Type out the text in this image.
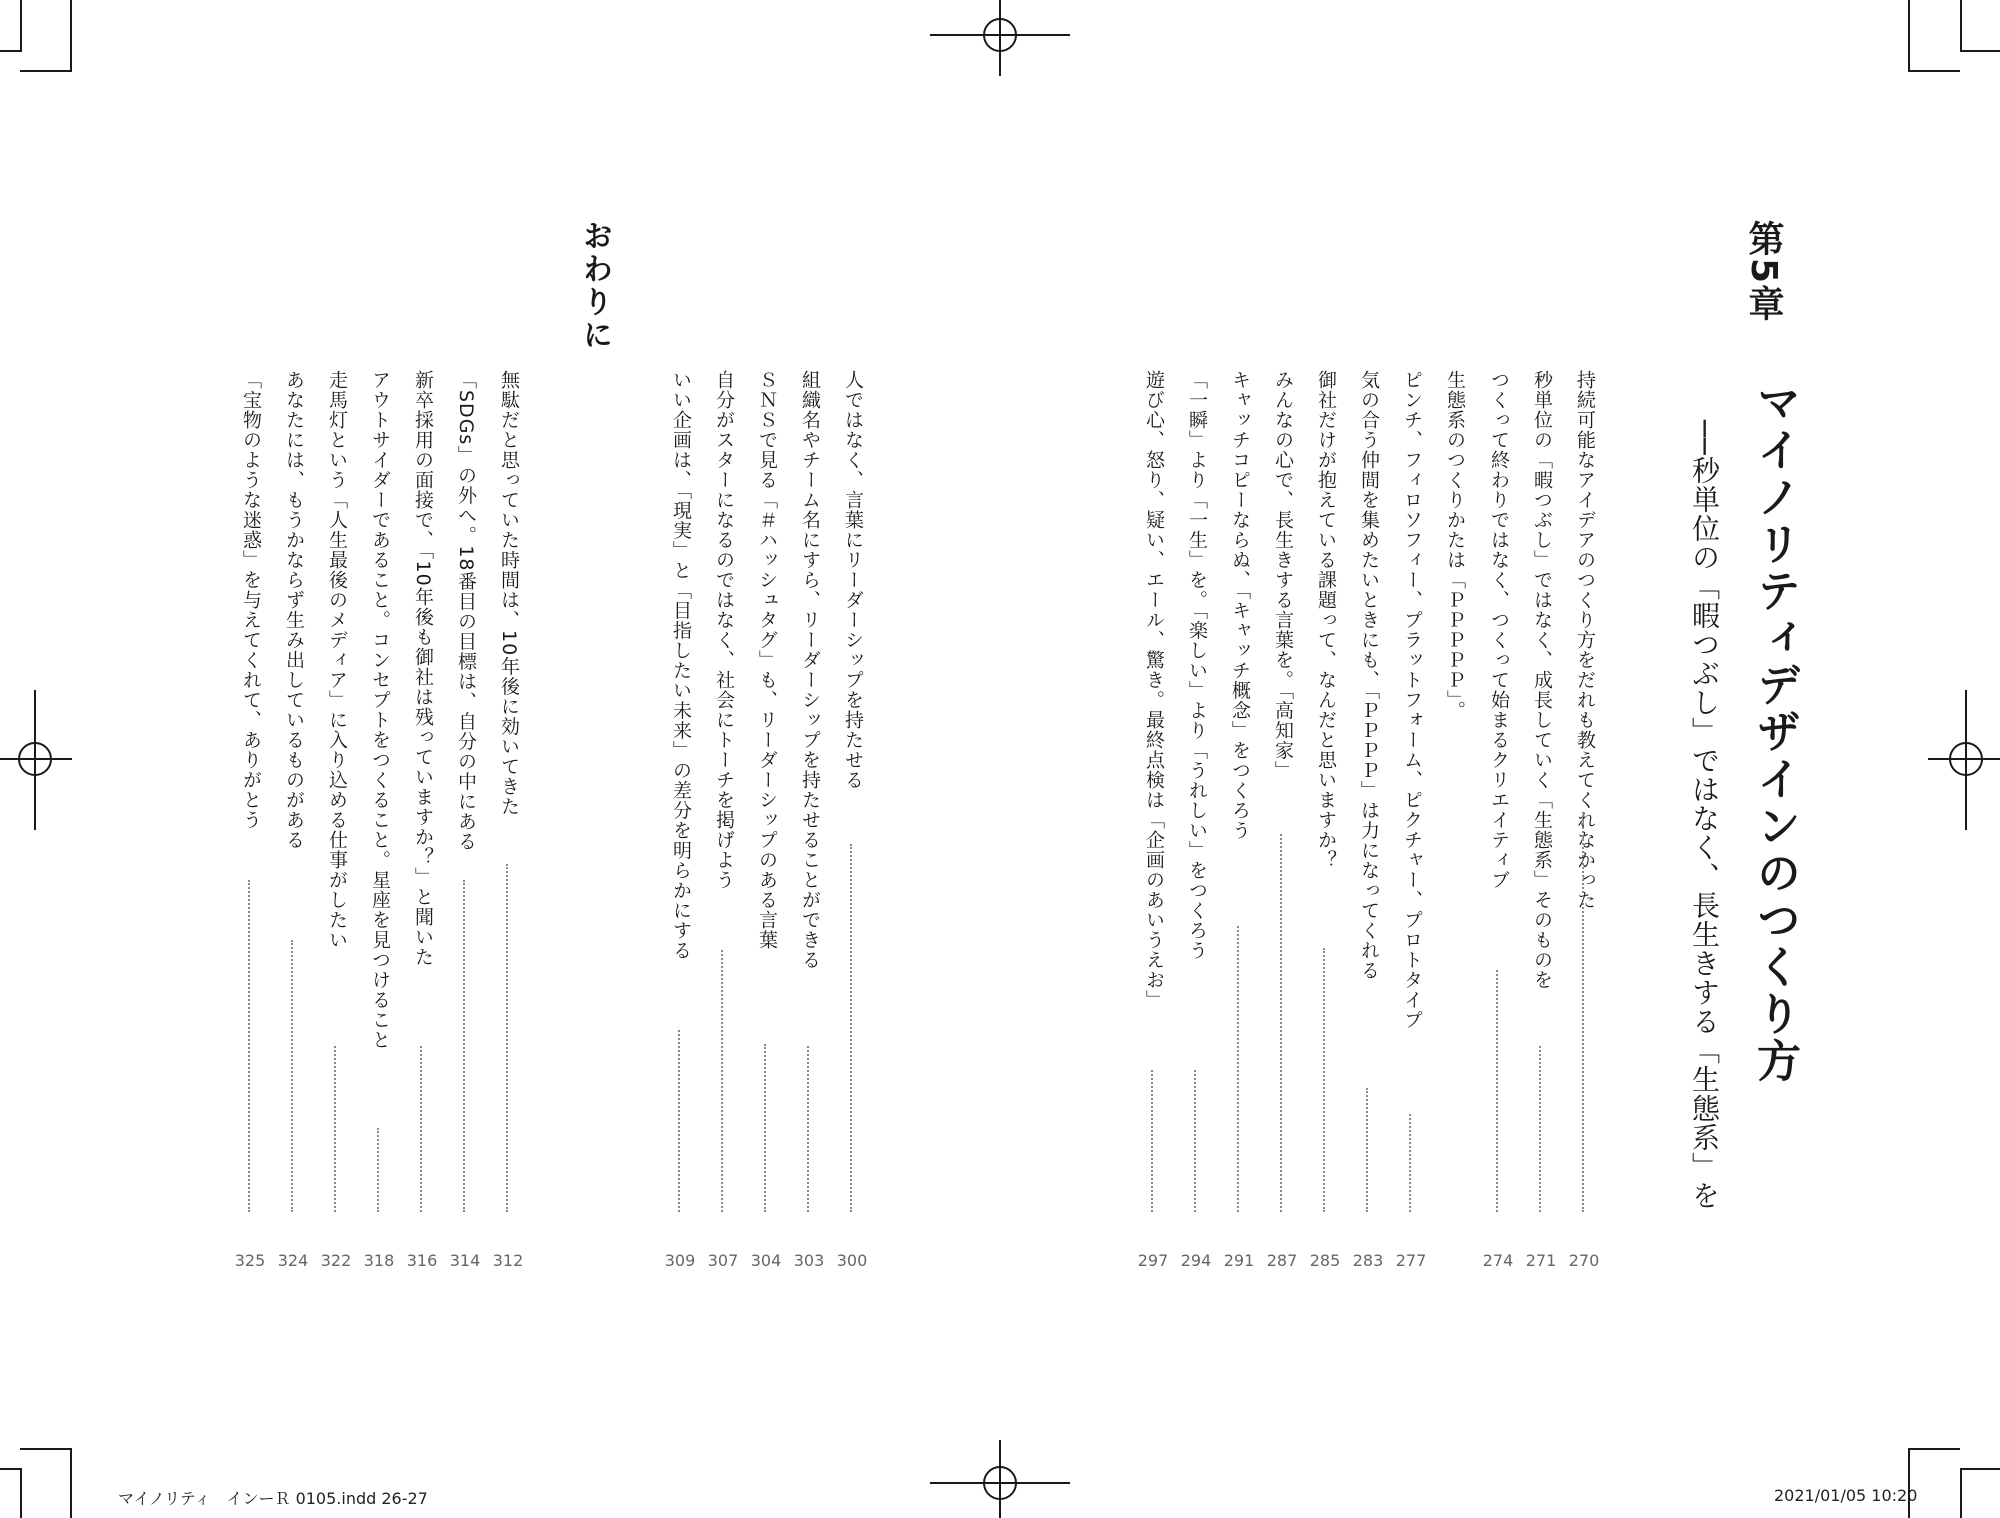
第5章
マイノリティデザインのつくり方
──秒単位の「暇つぶし」ではなく、長生きする「生態系」を
持続可能なアイデアのつくり方をだれも教えてくれなかった
270
秒単位の「暇つぶし」ではなく、成長していく「生態系」そのものを
271
つくって終わりではなく、つくって始まるクリエイティブ
274
生態系のつくりかたは「ＰＰＰＰＰ」。
ピンチ、フィロソフィー、プラットフォーム、ピクチャー、プロトタイプ
277
気の合う仲間を集めたいときにも、「ＰＰＰＰ」は力になってくれる
283
御社だけが抱えている課題って、なんだと思いますか？
285
みんなの心で、長生きする言葉を。「高知家」
287
キャッチコピーならぬ、「キャッチ概念」をつくろう
291
「一瞬」より「一生」を。「楽しい」より「うれしい」をつくろう
294
遊び心、怒り、疑い、エール、驚き。最終点検は「企画のあいうえお」
297
人ではなく、言葉にリーダーシップを持たせる
300
組織名やチーム名にすら、リーダーシップを持たせることができる
303
ＳＮＳで見る「＃ハッシュタグ」も、リーダーシップのある言葉
304
自分がスターになるのではなく、社会にトーチを掲げよう
307
いい企画は、「現実」と「目指したい未来」の差分を明らかにする
309
おわりに
無駄だと思っていた時間は、10年後に効いてきた
312
「SDGs」の外へ。18番目の目標は、自分の中にある
314
新卒採用の面接で、「10年後も御社は残っていますか？」と聞いた
316
アウトサイダーであること。コンセプトをつくること。星座を見つけること
318
走馬灯という「人生最後のメディア」に入り込める仕事がしたい
322
あなたには、もうかならず生み出しているものがある
324
「宝物のような迷惑」を与えてくれて、ありがとう
325
マイノリティ　インーＲ 0105.indd 26-27	2021/01/05 10:20
